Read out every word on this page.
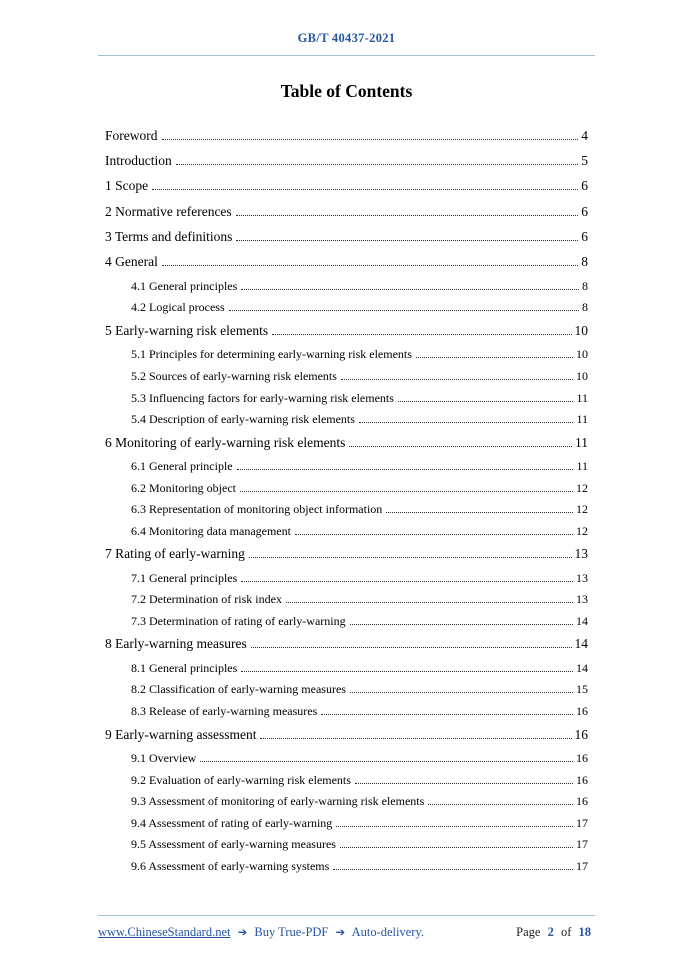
GB/T 40437-2021
Table of Contents
Foreword	4
Introduction	5
1 Scope	6
2 Normative references	6
3 Terms and definitions	6
4 General	8
4.1 General principles	8
4.2 Logical process	8
5 Early-warning risk elements	10
5.1 Principles for determining early-warning risk elements	10
5.2 Sources of early-warning risk elements	10
5.3 Influencing factors for early-warning risk elements	11
5.4 Description of early-warning risk elements	11
6 Monitoring of early-warning risk elements	11
6.1 General principle	11
6.2 Monitoring object	12
6.3 Representation of monitoring object information	12
6.4 Monitoring data management	12
7 Rating of early-warning	13
7.1 General principles	13
7.2 Determination of risk index	13
7.3 Determination of rating of early-warning	14
8 Early-warning measures	14
8.1 General principles	14
8.2 Classification of early-warning measures	15
8.3 Release of early-warning measures	16
9 Early-warning assessment	16
9.1 Overview	16
9.2 Evaluation of early-warning risk elements	16
9.3 Assessment of monitoring of early-warning risk elements	16
9.4 Assessment of rating of early-warning	17
9.5 Assessment of early-warning measures	17
9.6 Assessment of early-warning systems	17
www.ChineseStandard.net ➔ Buy True-PDF ➔ Auto-delivery.	Page 2 of 18
